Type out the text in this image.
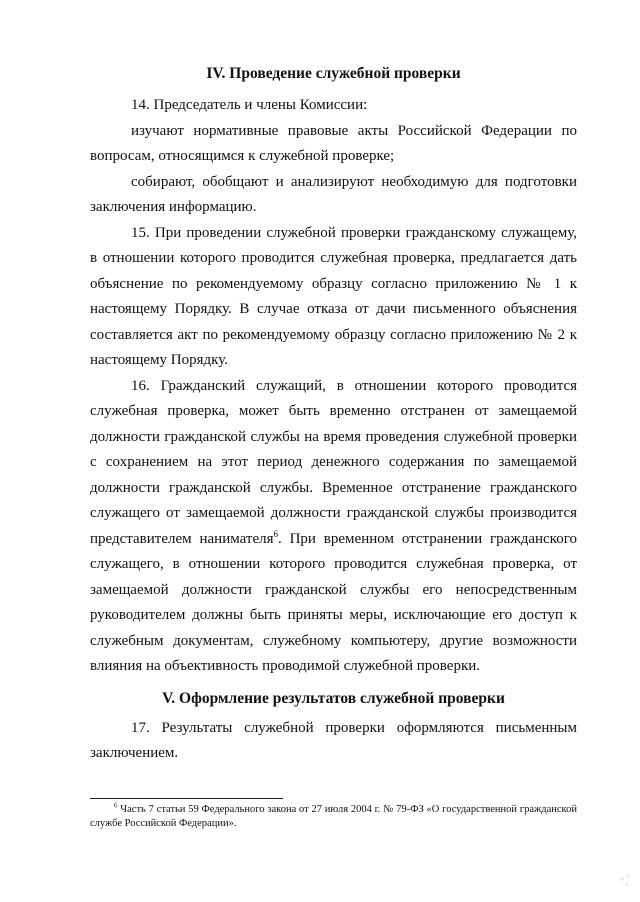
IV. Проведение служебной проверки

14. Председатель и члены Комиссии:

изучают нормативные правовые акты Российской Федерации по вопросам, относящимся к служебной проверке;

собирают, обобщают и анализируют необходимую для подготовки заключения информацию.

15. При проведении служебной проверки гражданскому служащему, в отношении которого проводится служебная проверка, предлагается дать объяснение по рекомендуемому образцу согласно приложению № 1 к настоящему Порядку. В случае отказа от дачи письменного объяснения составляется акт по рекомендуемому образцу согласно приложению № 2 к настоящему Порядку.

16. Гражданский служащий, в отношении которого проводится служебная проверка, может быть временно отстранен от замещаемой должности гражданской службы на время проведения служебной проверки с сохранением на этот период денежного содержания по замещаемой должности гражданской службы. Временное отстранение гражданского служащего от замещаемой должности гражданской службы производится представителем нанимателя$^6$. При временном отстранении гражданского служащего, в отношении которого проводится служебная проверка, от замещаемой должности гражданской службы его непосредственным руководителем должны быть приняты меры, исключающие его доступ к служебным документам, служебному компьютеру, другие возможности влияния на объективность проводимой служебной проверки.

V. Оформление результатов служебной проверки

17. Результаты служебной проверки оформляются письменным заключением.

$^6$ Часть 7 статьи 59 Федерального закона от 27 июля 2004 г. № 79-ФЗ «О государственной гражданской службе Российской Федерации».
